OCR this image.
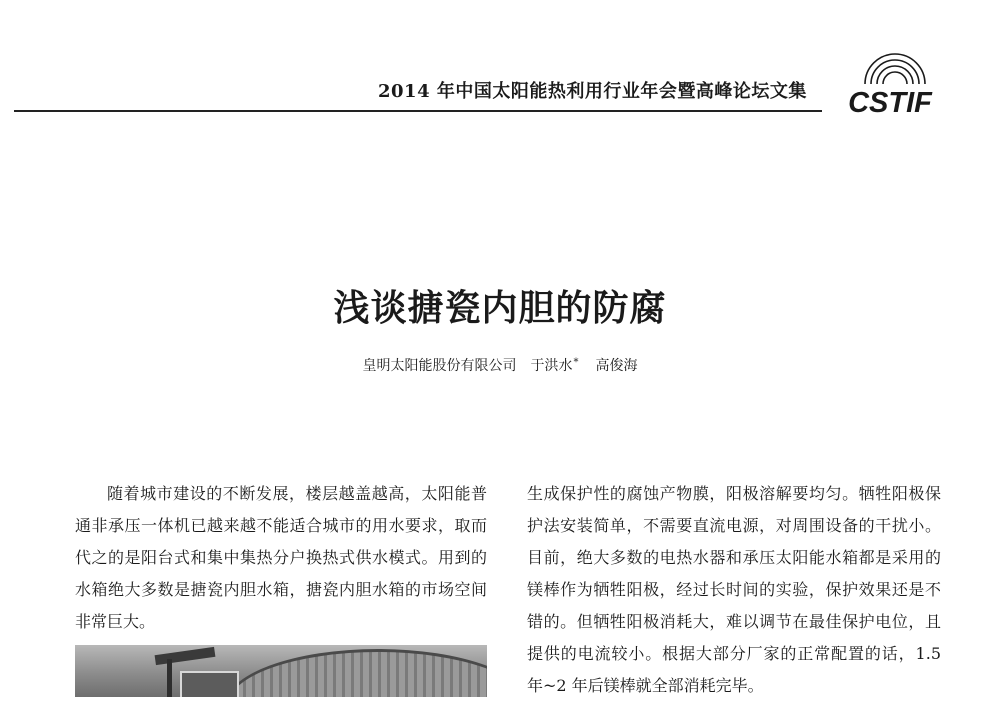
2014 年中国太阳能热利用行业年会暨高峰论坛文集 CSTIF
浅谈搪瓷内胆的防腐
皇明太阳能股份有限公司 于洪水* 高俊海

随着城市建设的不断发展，楼层越盖越高，太阳能普通非承压一体机已越来越不能适合城市的用水要求，取而代之的是阳台式和集中集热分户换热式供水模式。用到的水箱绝大多数是搪瓷内胆水箱，搪瓷内胆水箱的市场空间非常巨大。

生成保护性的腐蚀产物膜，阳极溶解要均匀。牺牲阳极保护法安装简单，不需要直流电源，对周围设备的干扰小。目前，绝大多数的电热水器和承压太阳能水箱都是采用的镁棒作为牺牲阳极，经过长时间的实验，保护效果还是不错的。但牺牲阳极消耗大，难以调节在最佳保护电位，且提供的电流较小。根据大部分厂家的正常配置的话，1.5 年~2 年后镁棒就全部消耗完毕。
